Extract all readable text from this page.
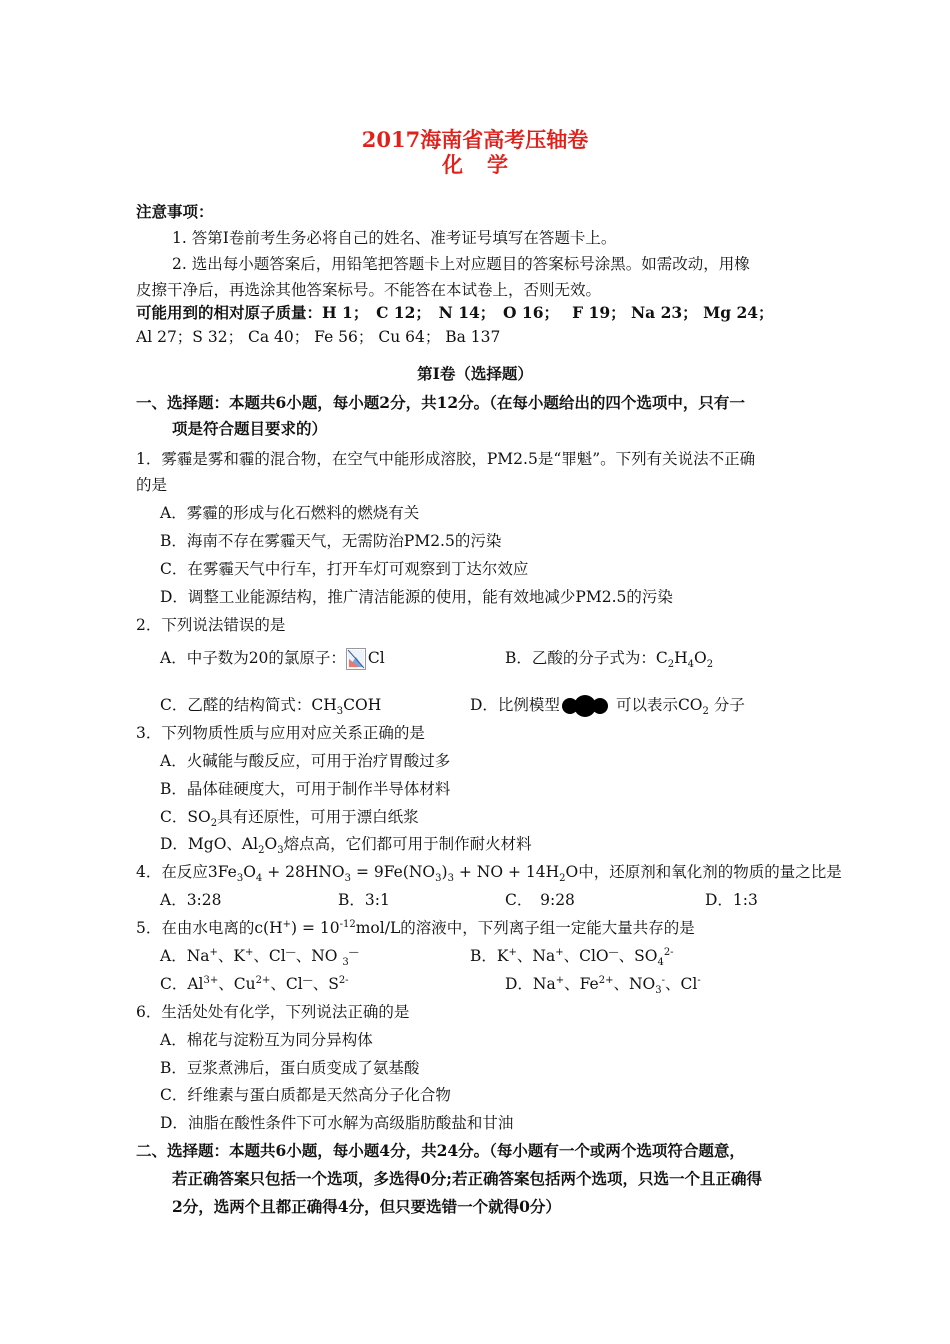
2017海南省高考压轴卷
化学
注意事项：
1. 答第Ⅰ卷前考生务必将自己的姓名、准考证号填写在答题卡上。
2. 选出每小题答案后，用铅笔把答题卡上对应题目的答案标号涂黑。如需改动，用橡
皮擦干净后，再选涂其他答案标号。不能答在本试卷上，否则无效。
可能用到的相对原子质量：H 1；　C 12；　N 14；　O 16；　 F 19； Na 23； Mg 24；
Al 27；S 32； Ca 40； Fe 56； Cu 64； Ba 137
第Ⅰ卷（选择题）
一、选择题：本题共6小题，每小题2分，共12分。（在每小题给出的四个选项中，只有一
项是符合题目要求的）
1．雾霾是雾和霾的混合物，在空气中能形成溶胶，PM2.5是“罪魁”。下列有关说法不正确
的是
A．雾霾的形成与化石燃料的燃烧有关
B．海南不存在雾霾天气，无需防治PM2.5的污染
C．在雾霾天气中行车，打开车灯可观察到丁达尔效应
D．调整工业能源结构，推广清洁能源的使用，能有效地减少PM2.5的污染
2．下列说法错误的是
A．中子数为20的氯原子： Cl	B．乙酸的分子式为：$C_2H_4O_2$
C．乙醛的结构简式：$CH_3COH$	D．比例模型	可以表示$CO_2$ 分子
3．下列物质性质与应用对应关系正确的是
A．火碱能与酸反应，可用于治疗胃酸过多
B．晶体硅硬度大，可用于制作半导体材料
C．$SO_2$具有还原性，可用于漂白纸浆
D．MgO、$Al_2O_3$熔点高，它们都可用于制作耐火材料
4．在反应$3Fe_3O_4 + 28HNO_3 = 9Fe(NO_3)_3$ + NO + $14H_2O$中，还原剂和氧化剂的物质的量之比是
A．3:28	B．3:1	C．　9:28	D．1:3
5．在由水电离的$c(H^+) = 10^{-12}mol/L$的溶液中，下列离子组一定能大量共存的是
A．Na+、K+、Cl—、NO $_3$—	B．K+、Na+、ClO—、$SO_4^{2-}$
C．$Al^{3+}$、$Cu^{2+}$、Cl—、$S^{2-}$	D．Na+、$Fe^{2+}$、$NO_3^-$、Cl-
6．生活处处有化学，下列说法正确的是
A．棉花与淀粉互为同分异构体
B．豆浆煮沸后，蛋白质变成了氨基酸
C．纤维素与蛋白质都是天然高分子化合物
D．油脂在酸性条件下可水解为高级脂肪酸盐和甘油
二、选择题：本题共6小题，每小题4分，共24分。（每小题有一个或两个选项符合题意，
若正确答案只包括一个选项，多选得0分;若正确答案包括两个选项，只选一个且正确得
2分，选两个且都正确得4分，但只要选错一个就得0分）
